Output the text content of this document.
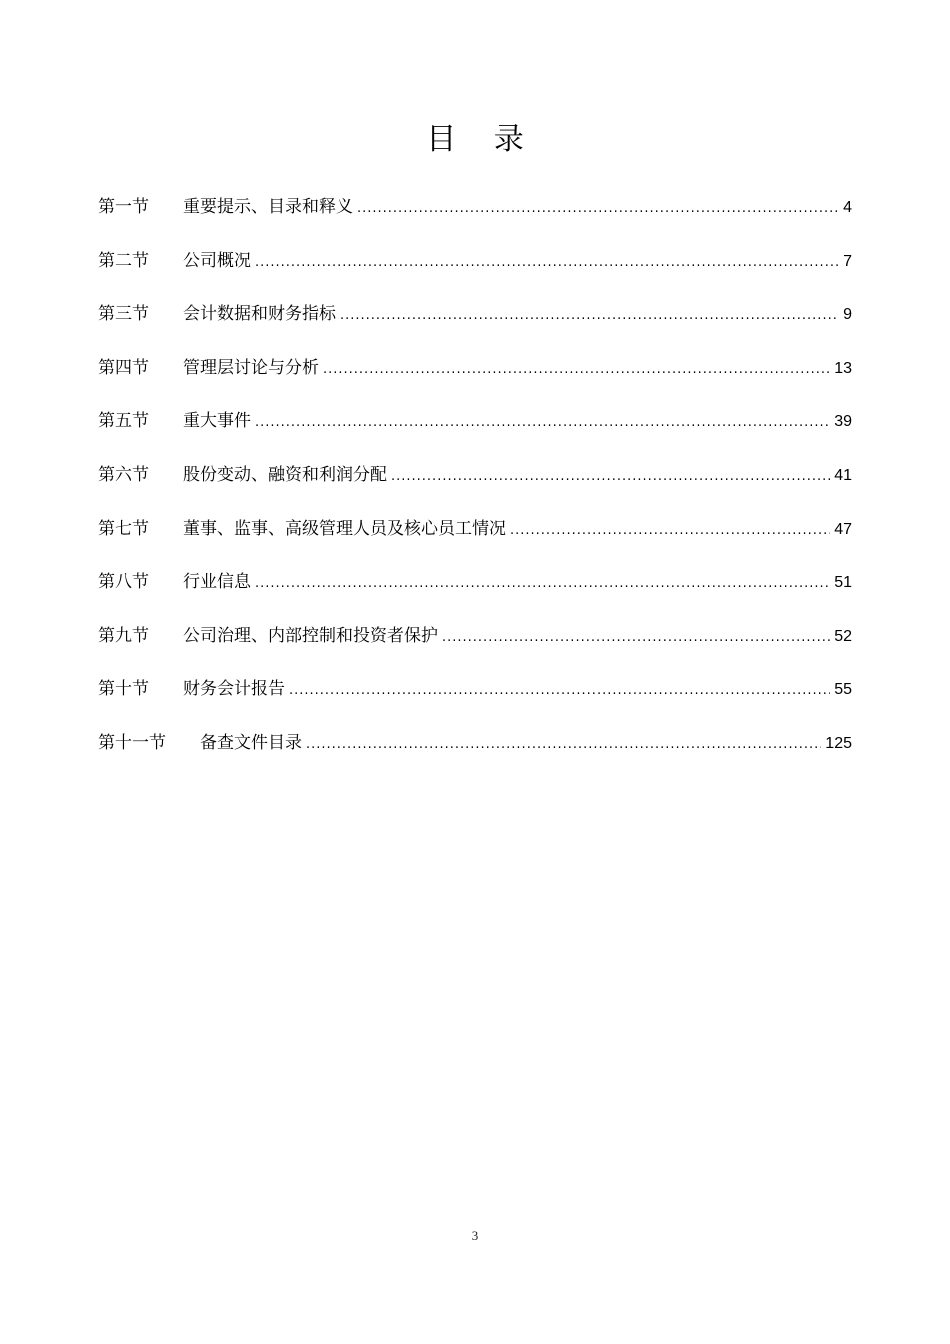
目 录
第一节	重要提示、目录和释义 .....	4
第二节	公司概况 .....	7
第三节	会计数据和财务指标 .....	9
第四节	管理层讨论与分析 .....	13
第五节	重大事件 .....	39
第六节	股份变动、融资和利润分配 .....	41
第七节	董事、监事、高级管理人员及核心员工情况 .....	47
第八节	行业信息 .....	51
第九节	公司治理、内部控制和投资者保护 .....	52
第十节	财务会计报告 .....	55
第十一节	备查文件目录 .....	125
3
